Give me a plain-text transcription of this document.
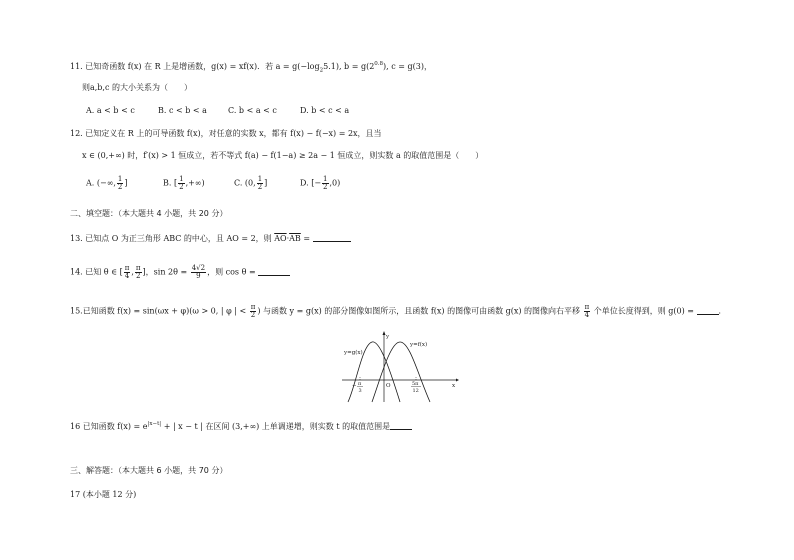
11. 已知奇函数 f(x) 在 R 上是增函数，g(x) = xf(x)．若 $a = g(-\log_25.1)$, $b = g(2^{0.8})$, c = g(3)，
则a,b,c 的大小关系为（　　）
A. a < b < c	B. c < b < a	C. b < a < c	D. b < c < a
12. 已知定义在 R 上的可导函数 f(x)，对任意的实数 x，都有 f(x) − f(−x) = 2x，且当
x ∈ (0,+∞) 时，f′(x) > 1 恒成立，若不等式 f(a) − f(1−a) ≥ 2a − 1 恒成立，则实数 a 的取值范围是（　　）
A. (−∞, $\frac{1}{2}$ ]	B. [ $\frac{1}{2}$ ,+∞)	C. (0, $\frac{1}{2}$ ]	D. [− $\frac{1}{2} ,0$)
二、填空题：（本大题共 4 小题，共 20 分）
13. 已知点 O 为正三角形 ABC 的中心，且 AO = 2，则 $\overline{AO}\cdot\overline{AB}$ =
14. 已知 θ ∈ [ $\frac{\pi}{4}$ , $\frac{\pi}{2}$ ]，$\sin 2\theta = \frac{4√2}{9}$ ，则 cos θ =
15.已知函数 f(x) = sin(ωx + φ)(ω > 0, | φ | < $\frac{\pi}{2}$ ) 与函数 y = g(x) 的部分图像如图所示，且函数 f(x) 的图像可由函数 g(x) 的图像向右平移 $\frac{\pi}{4}$ 个单位长度得到，则 g(0) =	．
y=g(x)
y=f(x)
y
x
O
− π
3
5π
12
16 已知函数 $f(x) = e^{|x-t|}$ + | x − t | 在区间 (3,+∞) 上单调递增，则实数 t 的取值范围是
三、解答题：（本大题共 6 小题，共 70 分）
17 (本小题 12 分)
